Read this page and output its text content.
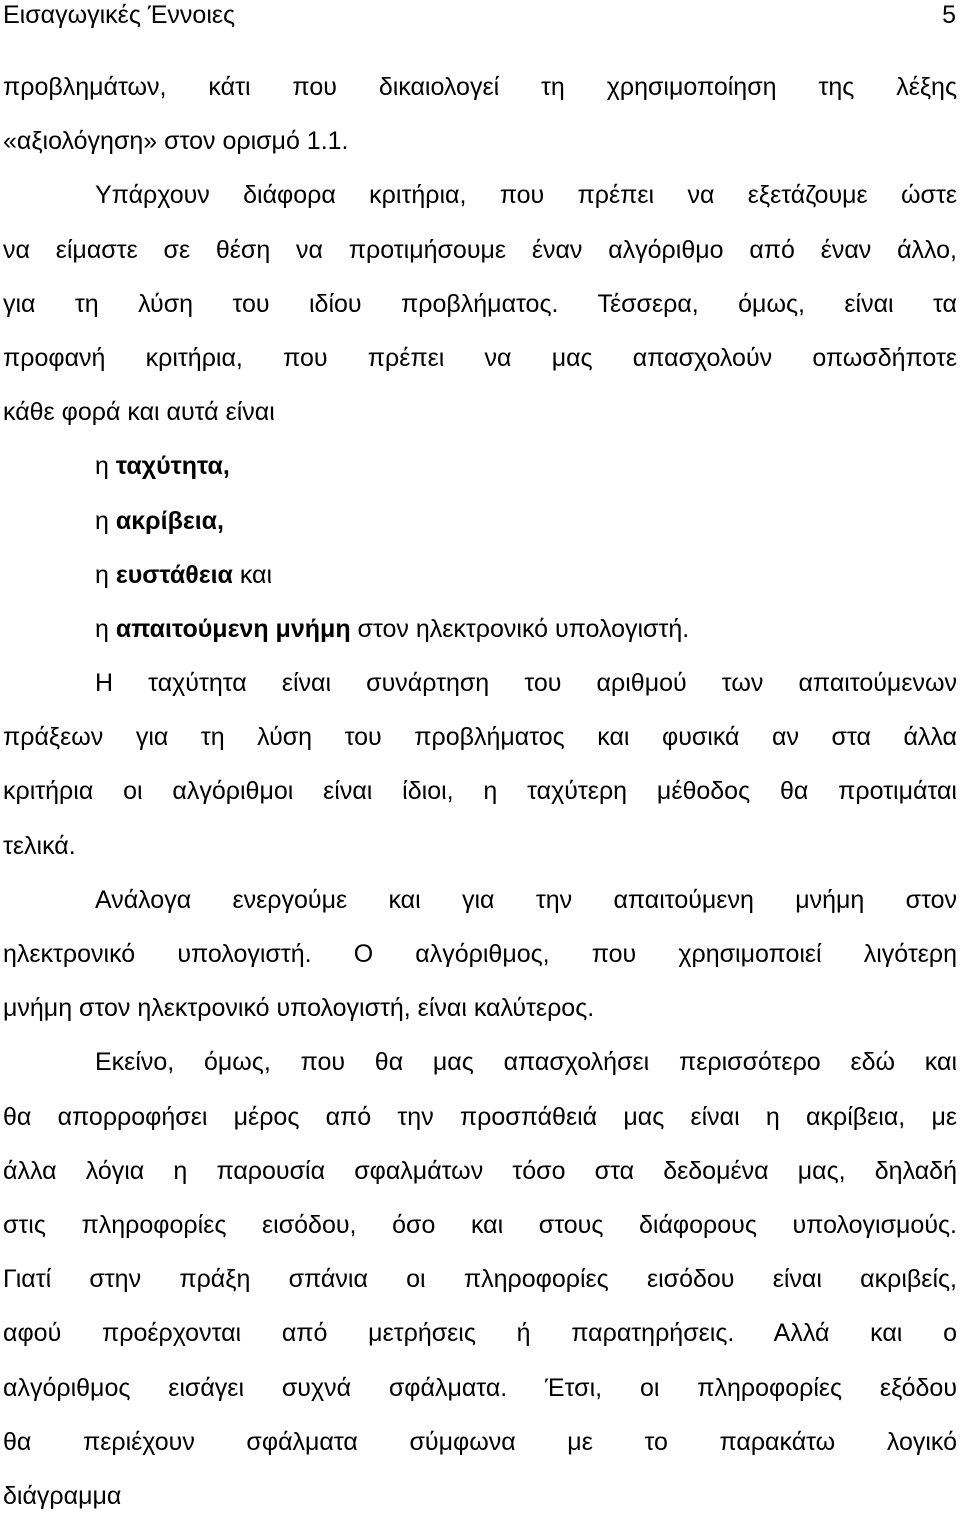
Εισαγωγικές Έννοιες	5
προβλημάτων, κάτι που δικαιολογεί τη χρησιμοποίηση της λέξης
«αξιολόγηση» στον ορισμό 1.1.
Υπάρχουν διάφορα κριτήρια, που πρέπει να εξετάζουμε ώστε
να είμαστε σε θέση να προτιμήσουμε έναν αλγόριθμο από έναν άλλο,
για τη λύση του ιδίου προβλήματος. Τέσσερα, όμως, είναι τα
προφανή κριτήρια, που πρέπει να μας απασχολούν οπωσδήποτε
κάθε φορά και αυτά είναι
η ταχύτητα,
η ακρίβεια,
η ευστάθεια και
η απαιτούμενη μνήμη στον ηλεκτρονικό υπολογιστή.
Η ταχύτητα είναι συνάρτηση του αριθμού των απαιτούμενων
πράξεων για τη λύση του προβλήματος και φυσικά αν στα άλλα
κριτήρια οι αλγόριθμοι είναι ίδιοι, η ταχύτερη μέθοδος θα προτιμάται
τελικά.
Ανάλογα ενεργούμε και για την απαιτούμενη μνήμη στον
ηλεκτρονικό υπολογιστή. Ο αλγόριθμος, που χρησιμοποιεί λιγότερη
μνήμη στον ηλεκτρονικό υπολογιστή, είναι καλύτερος.
Εκείνο, όμως, που θα μας απασχολήσει περισσότερο εδώ και
θα απορροφήσει μέρος από την προσπάθειά μας είναι η ακρίβεια, με
άλλα λόγια η παρουσία σφαλμάτων τόσο στα δεδομένα μας, δηλαδή
στις πληροφορίες εισόδου, όσο και στους διάφορους υπολογισμούς.
Γιατί στην πράξη σπάνια οι πληροφορίες εισόδου είναι ακριβείς,
αφού προέρχονται από μετρήσεις ή παρατηρήσεις. Αλλά και ο
αλγόριθμος εισάγει συχνά σφάλματα. Έτσι, οι πληροφορίες εξόδου
θα περιέχουν σφάλματα σύμφωνα με το παρακάτω λογικό
διάγραμμα
